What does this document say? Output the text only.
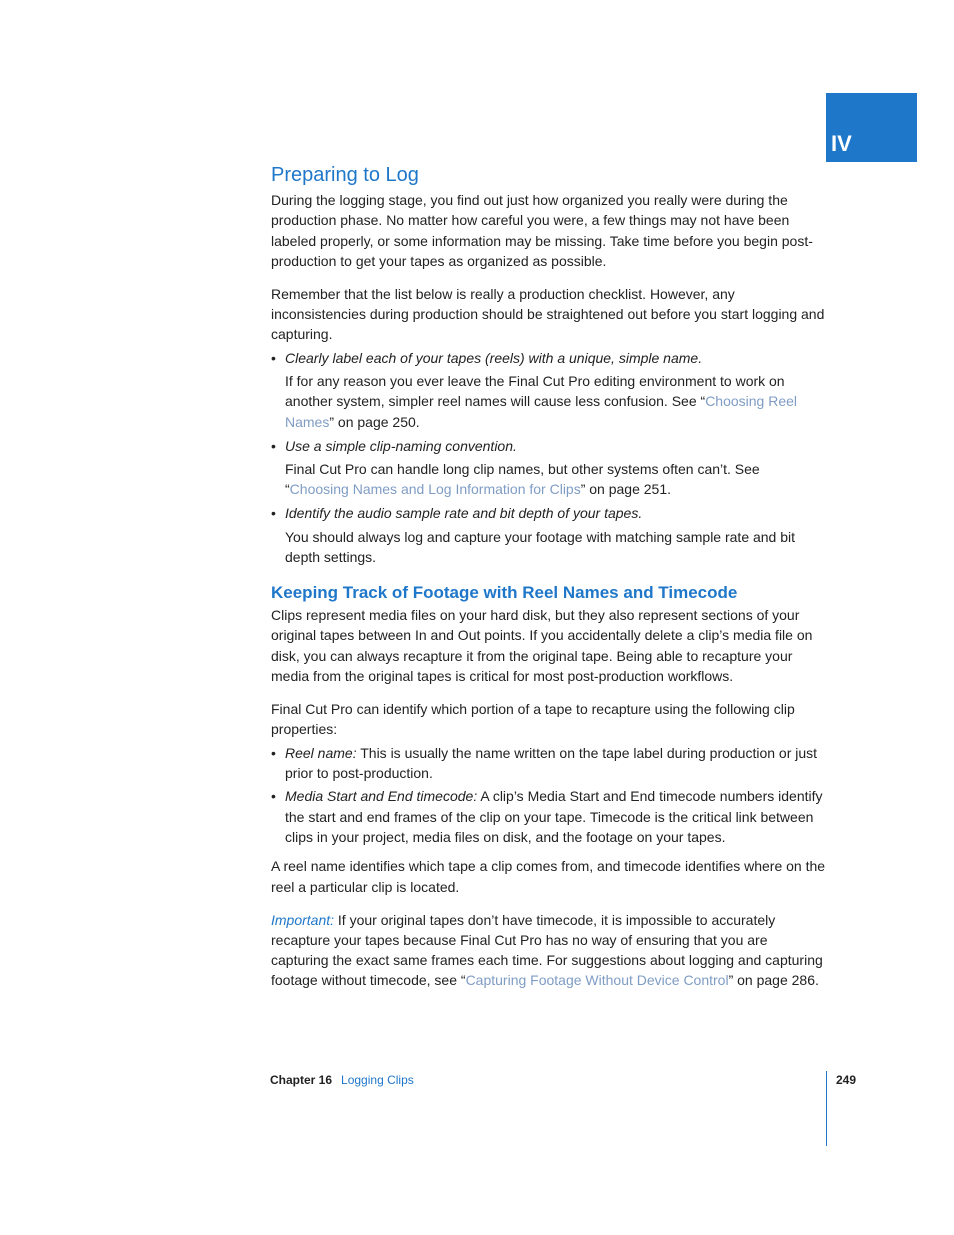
IV
Preparing to Log

During the logging stage, you find out just how organized you really were during the production phase. No matter how careful you were, a few things may not have been labeled properly, or some information may be missing. Take time before you begin post-production to get your tapes as organized as possible.

Remember that the list below is really a production checklist. However, any inconsistencies during production should be straightened out before you start logging and capturing.

• Clearly label each of your tapes (reels) with a unique, simple name.
If for any reason you ever leave the Final Cut Pro editing environment to work on another system, simpler reel names will cause less confusion. See “Choosing Reel Names” on page 250.
• Use a simple clip-naming convention.
Final Cut Pro can handle long clip names, but other systems often can’t. See “Choosing Names and Log Information for Clips” on page 251.
• Identify the audio sample rate and bit depth of your tapes.
You should always log and capture your footage with matching sample rate and bit depth settings.
Keeping Track of Footage with Reel Names and Timecode

Clips represent media files on your hard disk, but they also represent sections of your original tapes between In and Out points. If you accidentally delete a clip’s media file on disk, you can always recapture it from the original tape. Being able to recapture your media from the original tapes is critical for most post-production workflows.

Final Cut Pro can identify which portion of a tape to recapture using the following clip properties:

• Reel name: This is usually the name written on the tape label during production or just prior to post-production.
• Media Start and End timecode: A clip’s Media Start and End timecode numbers identify the start and end frames of the clip on your tape. Timecode is the critical link between clips in your project, media files on disk, and the footage on your tapes.

A reel name identifies which tape a clip comes from, and timecode identifies where on the reel a particular clip is located.

Important: If your original tapes don’t have timecode, it is impossible to accurately recapture your tapes because Final Cut Pro has no way of ensuring that you are capturing the exact same frames each time. For suggestions about logging and capturing footage without timecode, see “Capturing Footage Without Device Control” on page 286.

Chapter 16 Logging Clips	249
